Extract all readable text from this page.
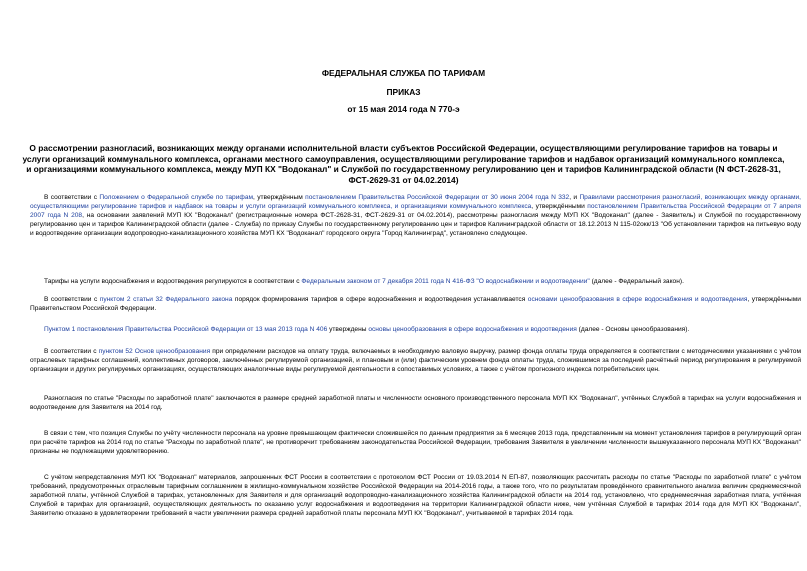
ФЕДЕРАЛЬНАЯ СЛУЖБА ПО ТАРИФАМ
ПРИКАЗ
от 15 мая 2014 года N 770-э
О рассмотрении разногласий, возникающих между органами исполнительной власти субъектов Российской Федерации, осуществляющими регулирование тарифов на товары и услуги организаций коммунального комплекса, органами местного самоуправления, осуществляющими регулирование тарифов и надбавок организаций коммунального комплекса, и организациями коммунального комплекса, между МУП КХ "Водоканал" и Службой по государственному регулированию цен и тарифов Калининградской области (N ФСТ-2628-31, ФСТ-2629-31 от 04.02.2014)

В соответствии с Положением о Федеральной службе по тарифам, утверждённым постановлением Правительства Российской Федерации от 30 июня 2004 года N 332, и Правилами рассмотрения разногласий, возникающих между органами, осуществляющими регулирование тарифов и надбавок на товары и услуги организаций коммунального комплекса, и организациями коммунального комплекса, утверждёнными постановлением Правительства Российской Федерации от 7 апреля 2007 года N 208, на основании заявлений МУП КХ "Водоканал" (регистрационные номера ФСТ-2628-31, ФСТ-2629-31 от 04.02.2014), рассмотрены разногласия между МУП КХ "Водоканал" (далее - Заявитель) и Службой по государственному регулированию цен и тарифов Калининградской области (далее - Служба) по приказу Службы по государственному регулированию цен и тарифов Калининградской области от 18.12.2013 N 115-02окк/13 "Об установлении тарифов на питьевую воду и водоотведение организации водопроводно-канализационного хозяйства МУП КХ "Водоканал" городского округа "Город Калининград", установлено следующее.

Тарифы на услуги водоснабжения и водоотведения регулируются в соответствии с Федеральным законом от 7 декабря 2011 года N 416-ФЗ "О водоснабжении и водоотведении" (далее - Федеральный закон).

В соответствии с пунктом 2 статьи 32 Федерального закона порядок формирования тарифов в сфере водоснабжения и водоотведения устанавливается основами ценообразования в сфере водоснабжения и водоотведения, утверждёнными Правительством Российской Федерации.

Пунктом 1 постановления Правительства Российской Федерации от 13 мая 2013 года N 406 утверждены основы ценообразования в сфере водоснабжения и водоотведения (далее - Основы ценообразования).

В соответствии с пунктом 52 Основ ценообразования при определении расходов на оплату труда, включаемых в необходимую валовую выручку, размер фонда оплаты труда определяется в соответствии с методическими указаниями с учётом отраслевых тарифных соглашений, коллективных договоров, заключённых регулируемой организацией, и плановым и (или) фактическим уровнем фонда оплаты труда, сложившимся за последний расчётный период регулирования в регулируемой организации и других регулируемых организациях, осуществляющих аналогичные виды регулируемой деятельности в сопоставимых условиях, а также с учётом прогнозного индекса потребительских цен.

Разногласия по статье "Расходы по заработной плате" заключаются в размере средней заработной платы и численности основного производственного персонала МУП КХ "Водоканал", учтённых Службой в тарифах на услуги водоснабжения и водоотведение для Заявителя на 2014 год.

В связи с тем, что позиция Службы по учёту численности персонала на уровне превышающем фактически сложившейся по данным предприятия за 6 месяцев 2013 года, представленным на момент установления тарифов в регулирующий орган при расчёте тарифов на 2014 год по статье "Расходы по заработной плате", не противоречит требованиям законодательства Российской Федерации, требования Заявителя в увеличении численности вышеуказанного персонала МУП КХ "Водоканал" признаны не подлежащими удовлетворению.

С учётом непредставления МУП КХ "Водоканал" материалов, запрошенных ФСТ России в соответствии с протоколом ФСТ России от 19.03.2014 N ЕП-87, позволяющих рассчитать расходы по статье "Расходы по заработной плате" с учётом требований, предусмотренных отраслевым тарифным соглашением в жилищно-коммунальном хозяйстве Российской Федерации на 2014-2016 годы, а также того, что по результатам проведённого сравнительного анализа величин среднемесячной заработной платы, учтённой Службой в тарифах, установленных для Заявителя и для организаций водопроводно-канализационного хозяйства Калининградской области на 2014 год, установлено, что среднемесячная заработная плата, учтённая Службой в тарифах для организаций, осуществляющих деятельность по оказанию услуг водоснабжения и водоотведения на территории Калининградской области ниже, чем учтённая Службой в тарифах 2014 года для МУП КХ "Водоканал", Заявителю отказано в удовлетворении требований в части увеличении размера средней заработной платы персонала МУП КХ "Водоканал", учитываемой в тарифах 2014 года.
